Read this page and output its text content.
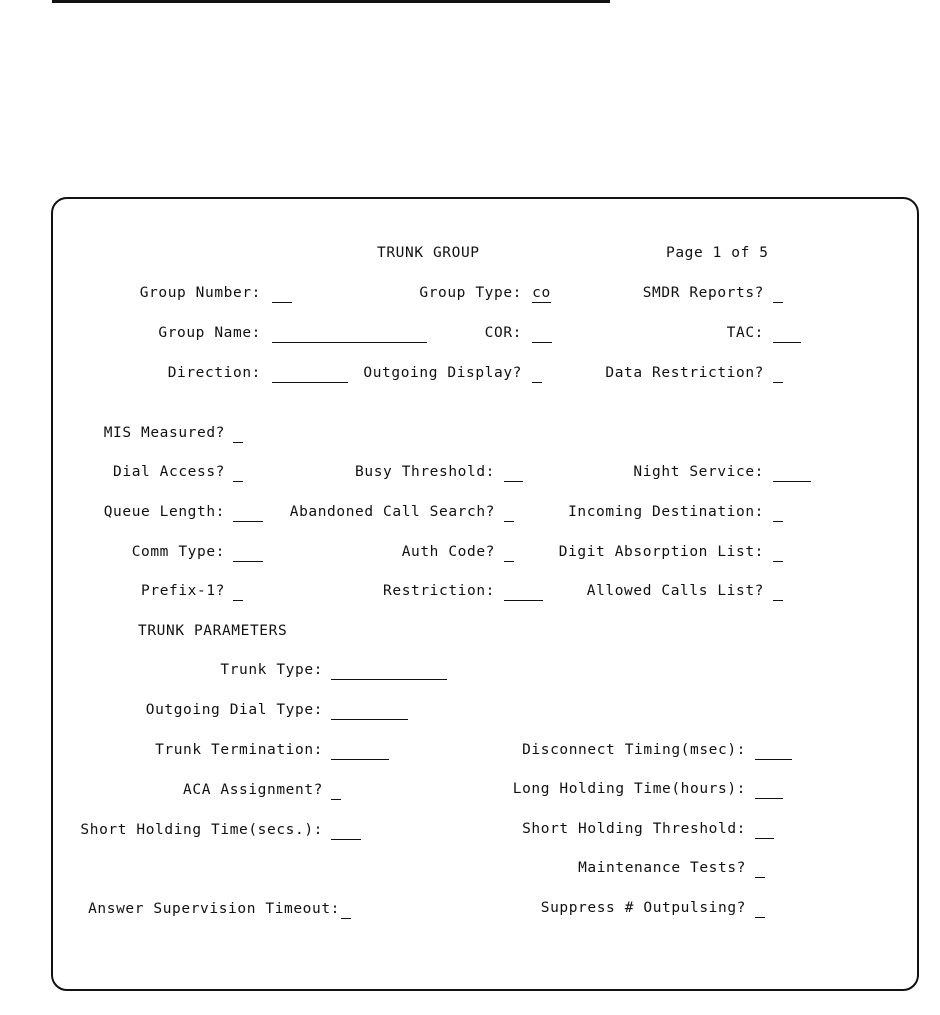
TRUNK GROUP	Page 1 of 5
Group Number:	Group Type: co	SMDR Reports?
Group Name:	COR:	TAC:
Direction:	Outgoing Display?	Data Restriction?
MIS Measured?
Dial Access?	Busy Threshold:	Night Service:
Queue Length:	Abandoned Call Search?	Incoming Destination:
Comm Type:	Auth Code?	Digit Absorption List:
Prefix-1?	Restriction:	Allowed Calls List?
TRUNK PARAMETERS
Trunk Type:
Outgoing Dial Type:
Trunk Termination:	Disconnect Timing(msec):
ACA Assignment?	Long Holding Time(hours):
Short Holding Time(secs.):	Short Holding Threshold:
Maintenance Tests?
Answer Supervision Timeout:	Suppress # Outpulsing?
